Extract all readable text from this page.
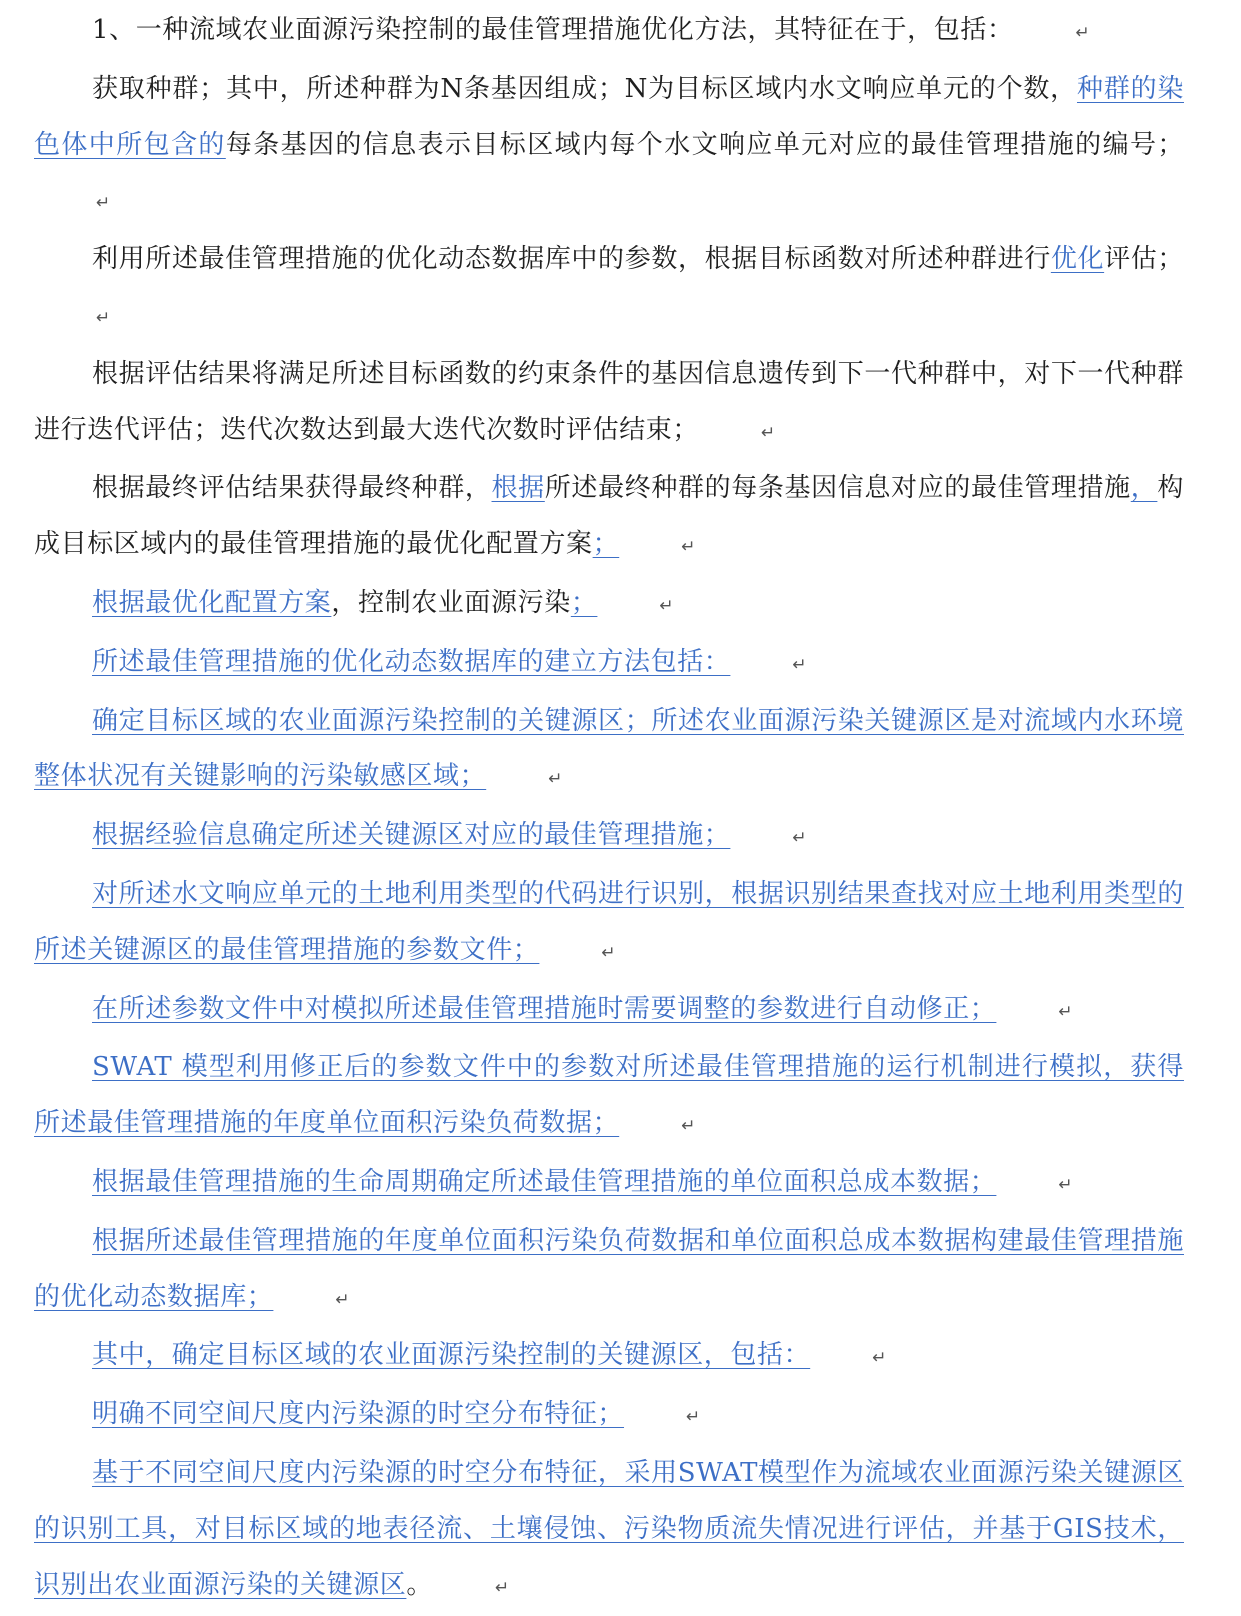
1、一种流域农业面源污染控制的最佳管理措施优化方法，其特征在于，包括：	↵

获取种群；其中，所述种群为N条基因组成；N为目标区域内水文响应单元的个数，种群的染色体中所包含的每条基因的信息表示目标区域内每个水文响应单元对应的最佳管理措施的编号；↵

利用所述最佳管理措施的优化动态数据库中的参数，根据目标函数对所述种群进行优化评估；↵

根据评估结果将满足所述目标函数的约束条件的基因信息遗传到下一代种群中，对下一代种群进行迭代评估；迭代次数达到最大迭代次数时评估结束；	↵

根据最终评估结果获得最终种群，根据所述最终种群的每条基因信息对应的最佳管理措施，构成目标区域内的最佳管理措施的最优化配置方案；	↵

根据最优化配置方案，控制农业面源污染；	↵

所述最佳管理措施的优化动态数据库的建立方法包括：	↵

确定目标区域的农业面源污染控制的关键源区；所述农业面源污染关键源区是对流域内水环境整体状况有关键影响的污染敏感区域；	↵

根据经验信息确定所述关键源区对应的最佳管理措施；	↵

对所述水文响应单元的土地利用类型的代码进行识别，根据识别结果查找对应土地利用类型的所述关键源区的最佳管理措施的参数文件；	↵

在所述参数文件中对模拟所述最佳管理措施时需要调整的参数进行自动修正；	↵

SWAT 模型利用修正后的参数文件中的参数对所述最佳管理措施的运行机制进行模拟，获得所述最佳管理措施的年度单位面积污染负荷数据；	↵

根据最佳管理措施的生命周期确定所述最佳管理措施的单位面积总成本数据；	↵

根据所述最佳管理措施的年度单位面积污染负荷数据和单位面积总成本数据构建最佳管理措施的优化动态数据库；	↵

其中，确定目标区域的农业面源污染控制的关键源区，包括：	↵

明确不同空间尺度内污染源的时空分布特征；	↵

基于不同空间尺度内污染源的时空分布特征，采用SWAT模型作为流域农业面源污染关键源区的识别工具，对目标区域的地表径流、土壤侵蚀、污染物质流失情况进行评估，并基于GIS技术，识别出农业面源污染的关键源区。	↵
